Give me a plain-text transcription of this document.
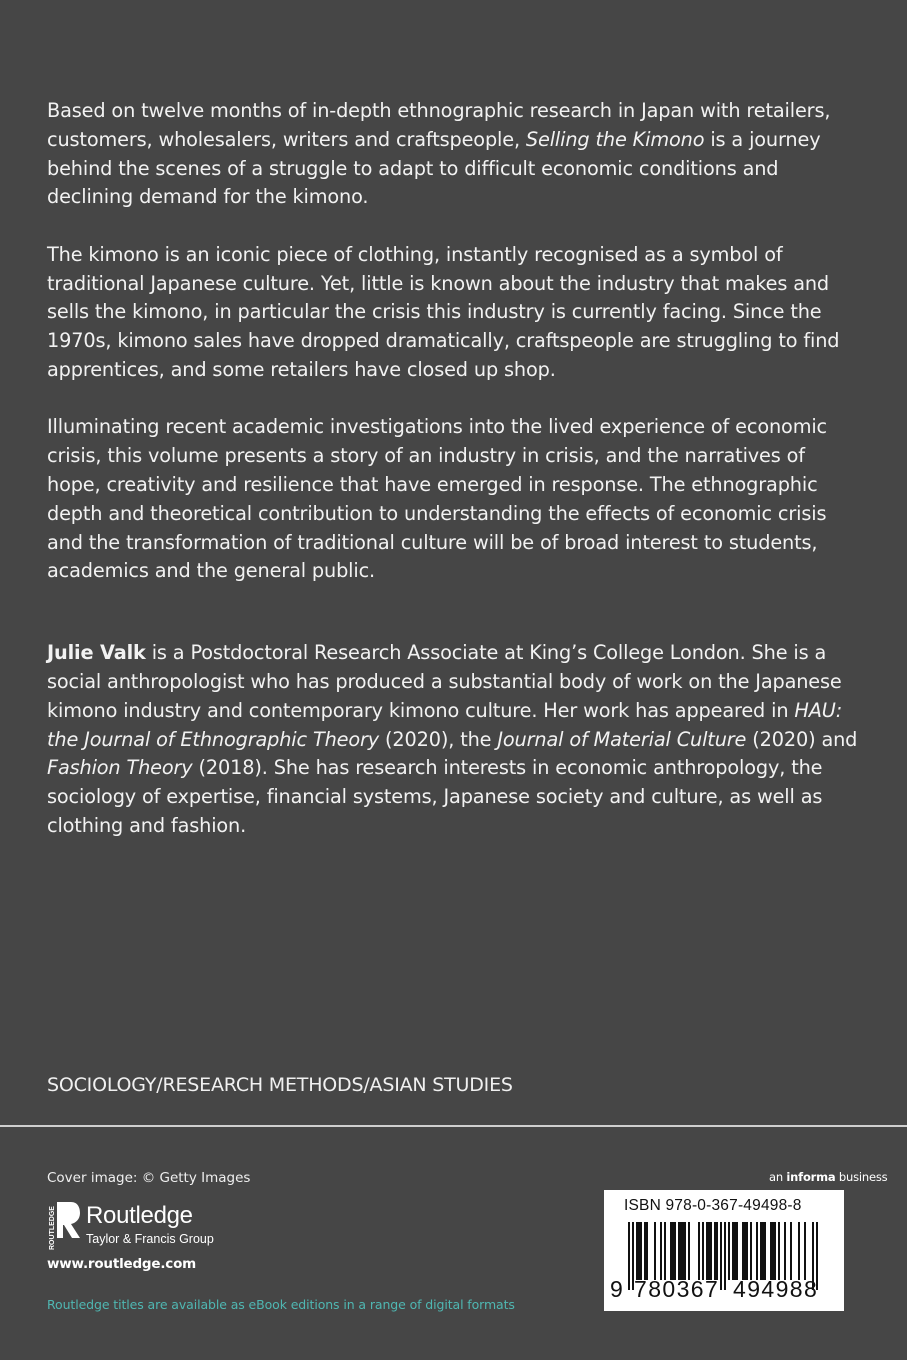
Based on twelve months of in-depth ethnographic research in Japan with retailers, customers, wholesalers, writers and craftspeople, Selling the Kimono is a journey behind the scenes of a struggle to adapt to difficult economic conditions and declining demand for the kimono.

The kimono is an iconic piece of clothing, instantly recognised as a symbol of traditional Japanese culture. Yet, little is known about the industry that makes and sells the kimono, in particular the crisis this industry is currently facing. Since the 1970s, kimono sales have dropped dramatically, craftspeople are struggling to find apprentices, and some retailers have closed up shop.

Illuminating recent academic investigations into the lived experience of economic crisis, this volume presents a story of an industry in crisis, and the narratives of hope, creativity and resilience that have emerged in response. The ethnographic depth and theoretical contribution to understanding the effects of economic crisis and the transformation of traditional culture will be of broad interest to students, academics and the general public.

Julie Valk is a Postdoctoral Research Associate at King’s College London. She is a social anthropologist who has produced a substantial body of work on the Japanese kimono industry and contemporary kimono culture. Her work has appeared in HAU: the Journal of Ethnographic Theory (2020), the Journal of Material Culture (2020) and Fashion Theory (2018). She has research interests in economic anthropology, the sociology of expertise, financial systems, Japanese society and culture, as well as clothing and fashion.

SOCIOLOGY/RESEARCH METHODS/ASIAN STUDIES
Cover image: © Getty Images
ROUTLEDGE Routledge
Taylor & Francis Group
www.routledge.com
Routledge titles are available as eBook editions in a range of digital formats
an informa business
ISBN 978-0-367-49498-8
9 780367 494988
